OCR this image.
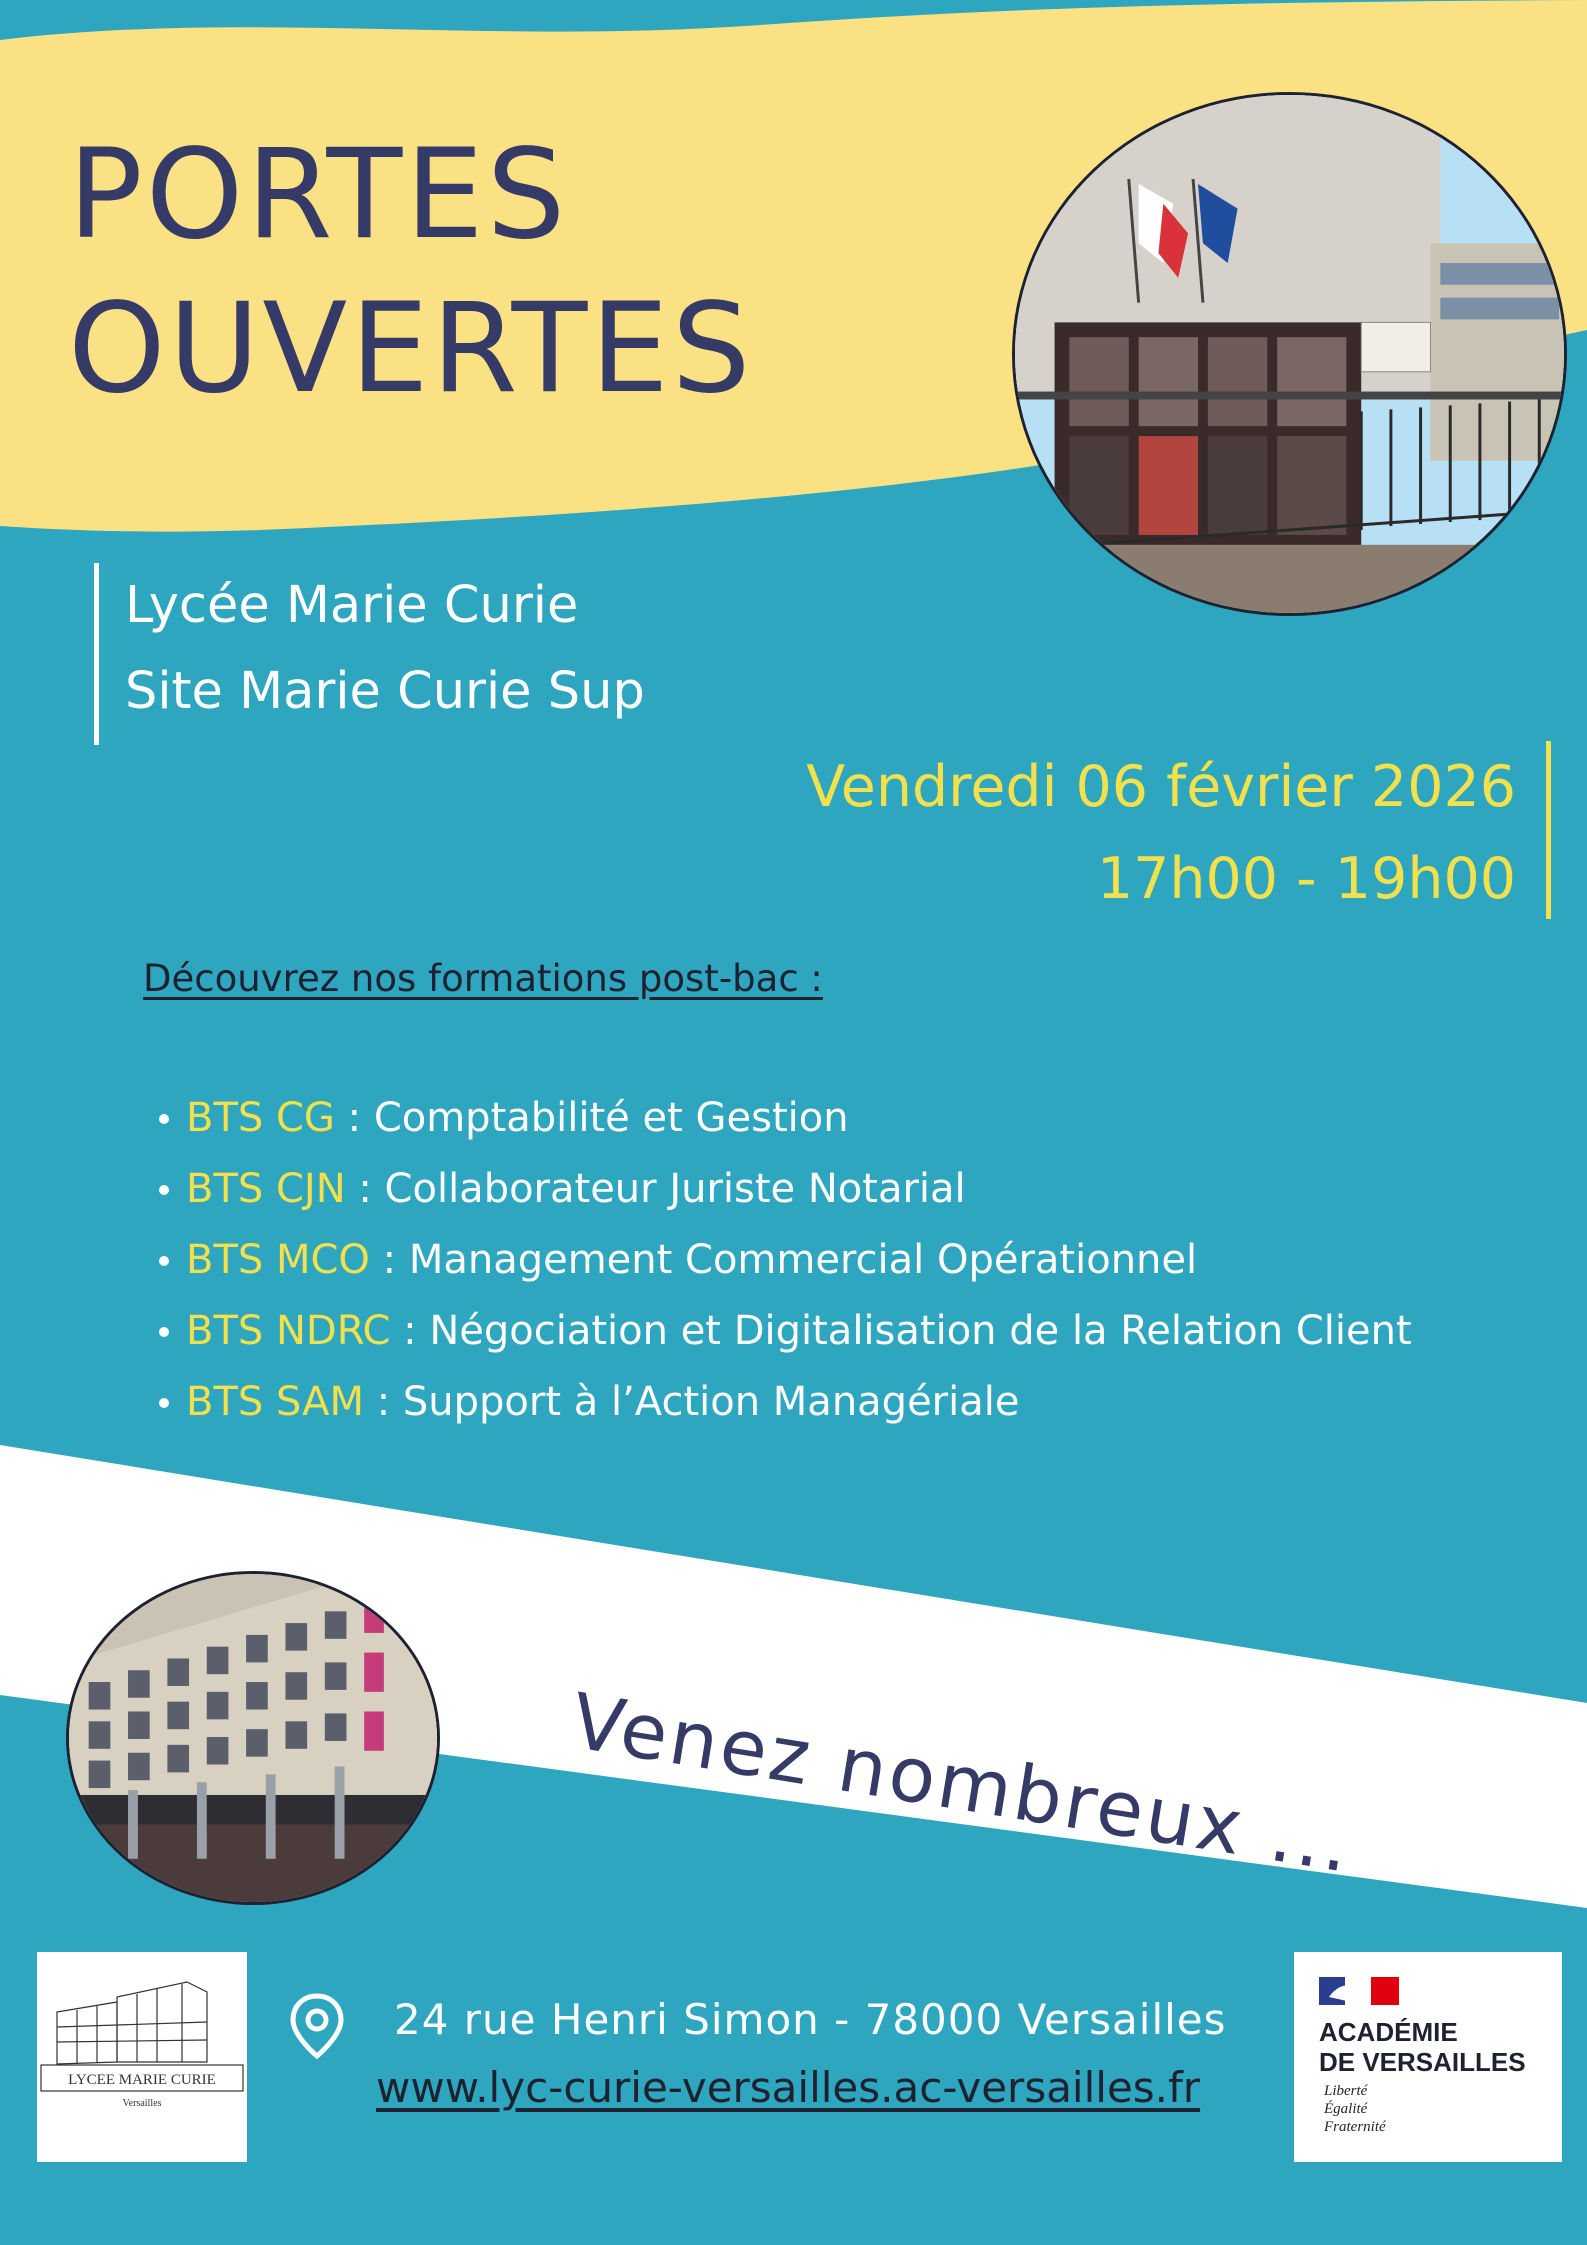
PORTES
OUVERTES
Lycée Marie Curie
Site Marie Curie Sup
Vendredi 06 février 2026
17h00 - 19h00
Découvrez nos formations post-bac :
BTS CG : Comptabilité et Gestion
BTS CJN : Collaborateur Juriste Notarial
BTS MCO : Management Commercial Opérationnel
BTS NDRC : Négociation et Digitalisation de la Relation Client
BTS SAM : Support à l’Action Managériale
Venez nombreux ...
LYCEE MARIE CURIE
Versailles
24 rue Henri Simon - 78000 Versailles
www.lyc-curie-versailles.ac-versailles.fr
ACADÉMIE
DE VERSAILLES
Liberté
Égalité
Fraternité
